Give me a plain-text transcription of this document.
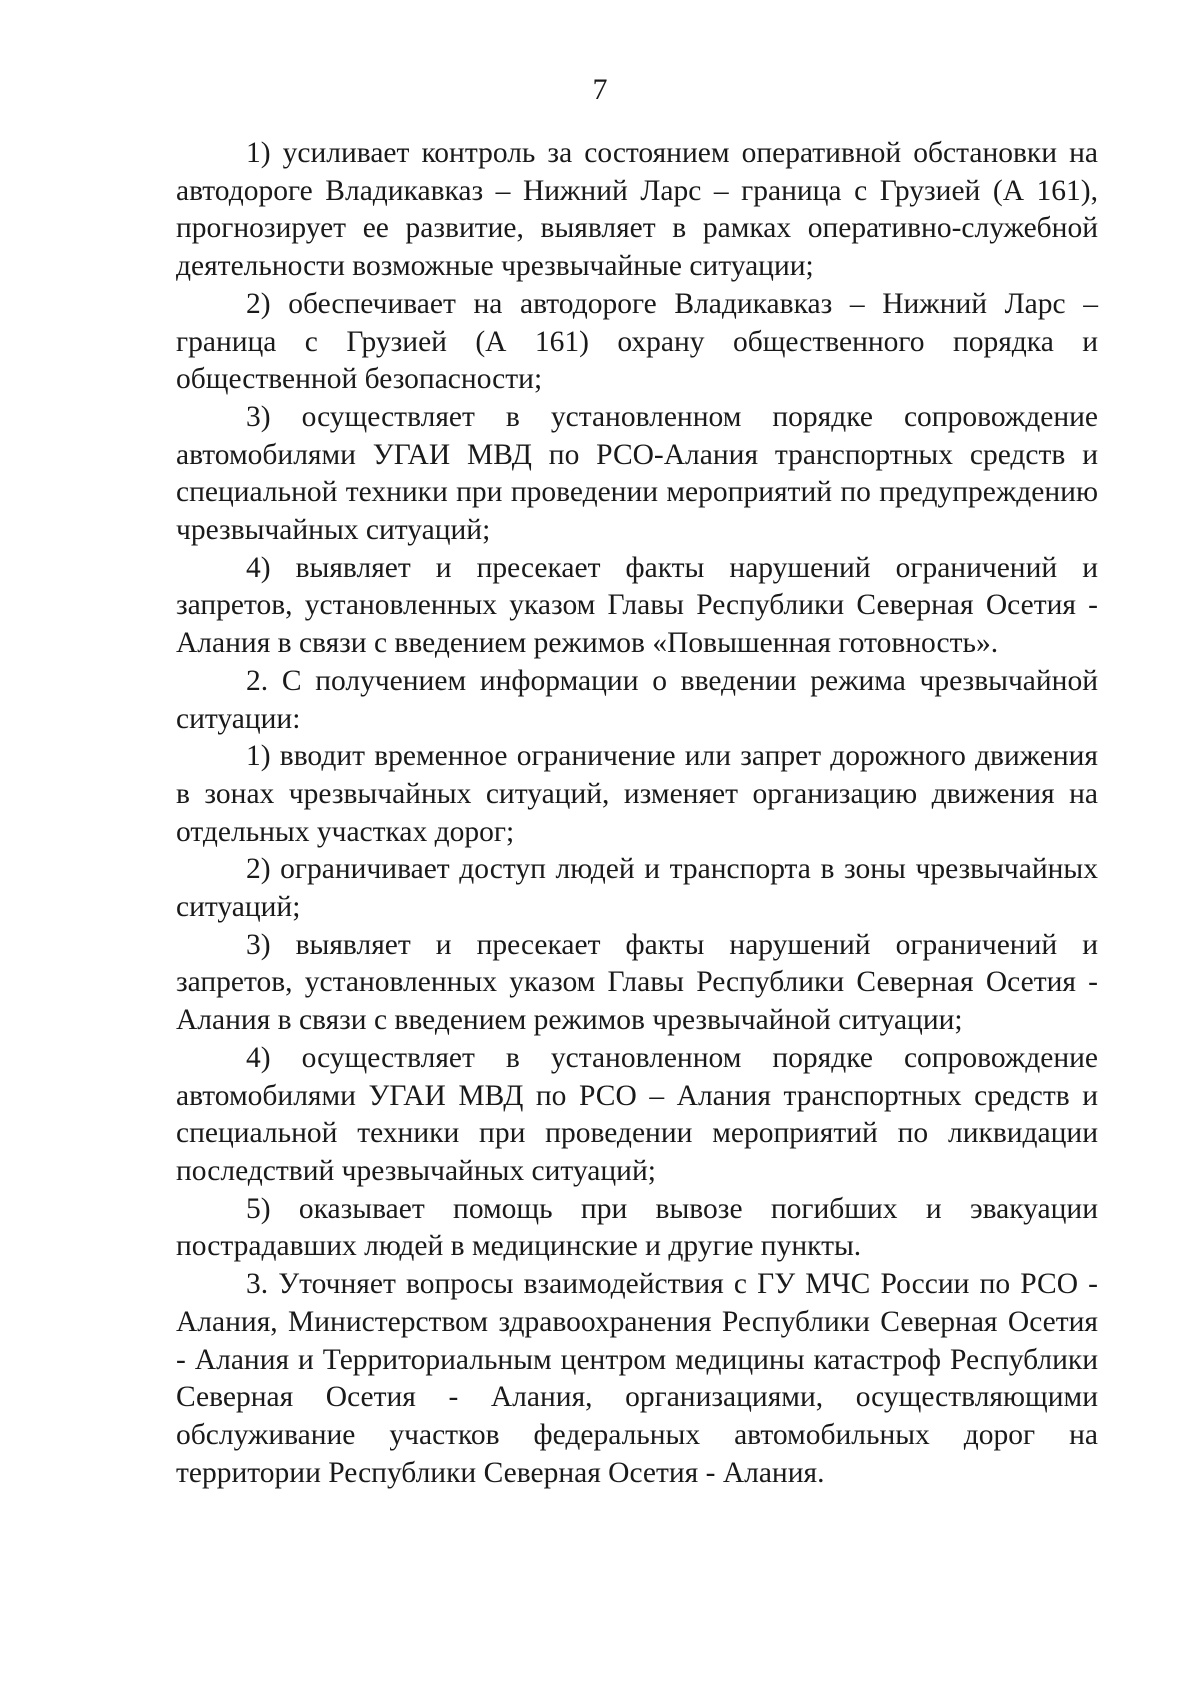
7

1) усиливает контроль за состоянием оперативной обстановки на автодороге Владикавказ – Нижний Ларс – граница с Грузией (А 161), прогнозирует ее развитие, выявляет в рамках оперативно-служебной деятельности возможные чрезвычайные ситуации;

2) обеспечивает на автодороге Владикавказ – Нижний Ларс – граница с Грузией (А 161) охрану общественного порядка и общественной безопасности;

3) осуществляет в установленном порядке сопровождение автомобилями УГАИ МВД по РСО-Алания транспортных средств и специальной техники при проведении мероприятий по предупреждению чрезвычайных ситуаций;

4) выявляет и пресекает факты нарушений ограничений и запретов, установленных указом Главы Республики Северная Осетия - Алания в связи с введением режимов «Повышенная готовность».

2. С получением информации о введении режима чрезвычайной ситуации:

1) вводит временное ограничение или запрет дорожного движения в зонах чрезвычайных ситуаций, изменяет организацию движения на отдельных участках дорог;

2) ограничивает доступ людей и транспорта в зоны чрезвычайных ситуаций;

3) выявляет и пресекает факты нарушений ограничений и запретов, установленных указом Главы Республики Северная Осетия - Алания в связи с введением режимов чрезвычайной ситуации;

4) осуществляет в установленном порядке сопровождение автомобилями УГАИ МВД по РСО – Алания транспортных средств и специальной техники при проведении мероприятий по ликвидации последствий чрезвычайных ситуаций;

5) оказывает помощь при вывозе погибших и эвакуации пострадавших людей в медицинские и другие пункты.

3. Уточняет вопросы взаимодействия с ГУ МЧС России по РСО - Алания, Министерством здравоохранения Республики Северная Осетия - Алания и Территориальным центром медицины катастроф Республики Северная Осетия - Алания, организациями, осуществляющими обслуживание участков федеральных автомобильных дорог на территории Республики Северная Осетия - Алания.
